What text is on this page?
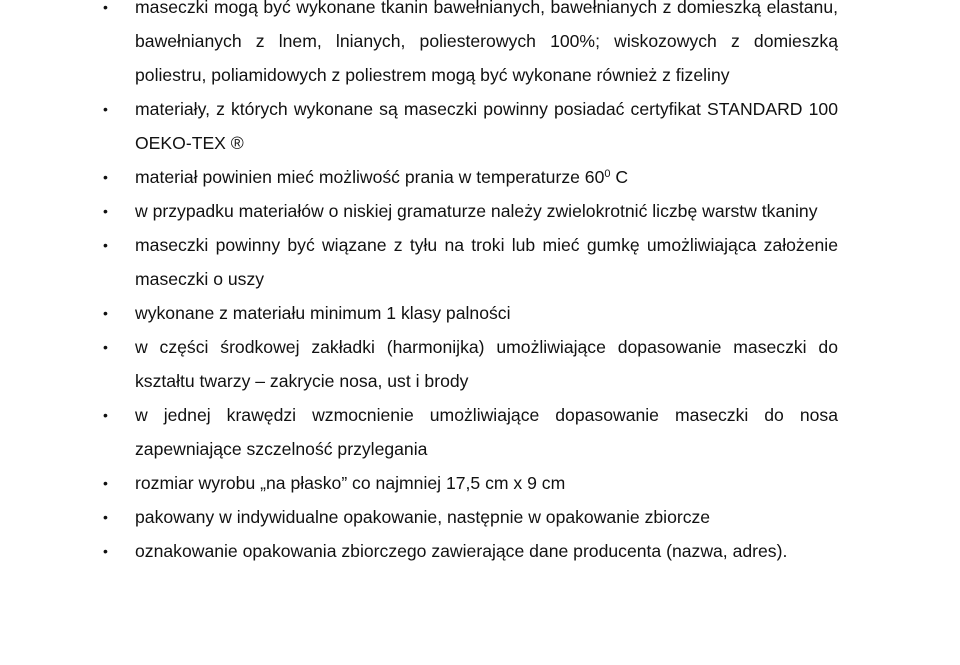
• maseczki mogą być wykonane tkanin bawełnianych, bawełnianych z domieszką elastanu, bawełnianych z lnem, lnianych, poliesterowych 100%; wiskozowych z domieszką poliestru, poliamidowych z poliestrem mogą być wykonane również z fizeliny
• materiały, z których wykonane są maseczki powinny posiadać certyfikat STANDARD 100 OEKO-TEX ®
• materiał powinien mieć możliwość prania w temperaturze $60^0$ C
• w przypadku materiałów o niskiej gramaturze należy zwielokrotnić liczbę warstw tkaniny
• maseczki powinny być wiązane z tyłu na troki lub mieć gumkę umożliwiająca założenie maseczki o uszy
• wykonane z materiału minimum 1 klasy palności
• w części środkowej zakładki (harmonijka) umożliwiające dopasowanie maseczki do kształtu twarzy – zakrycie nosa, ust i brody
• w jednej krawędzi wzmocnienie umożliwiające dopasowanie maseczki do nosa zapewniające szczelność przylegania
• rozmiar wyrobu „na płasko” co najmniej 17,5 cm x 9 cm
• pakowany w indywidualne opakowanie, następnie w opakowanie zbiorcze
• oznakowanie opakowania zbiorczego zawierające dane producenta (nazwa, adres).
